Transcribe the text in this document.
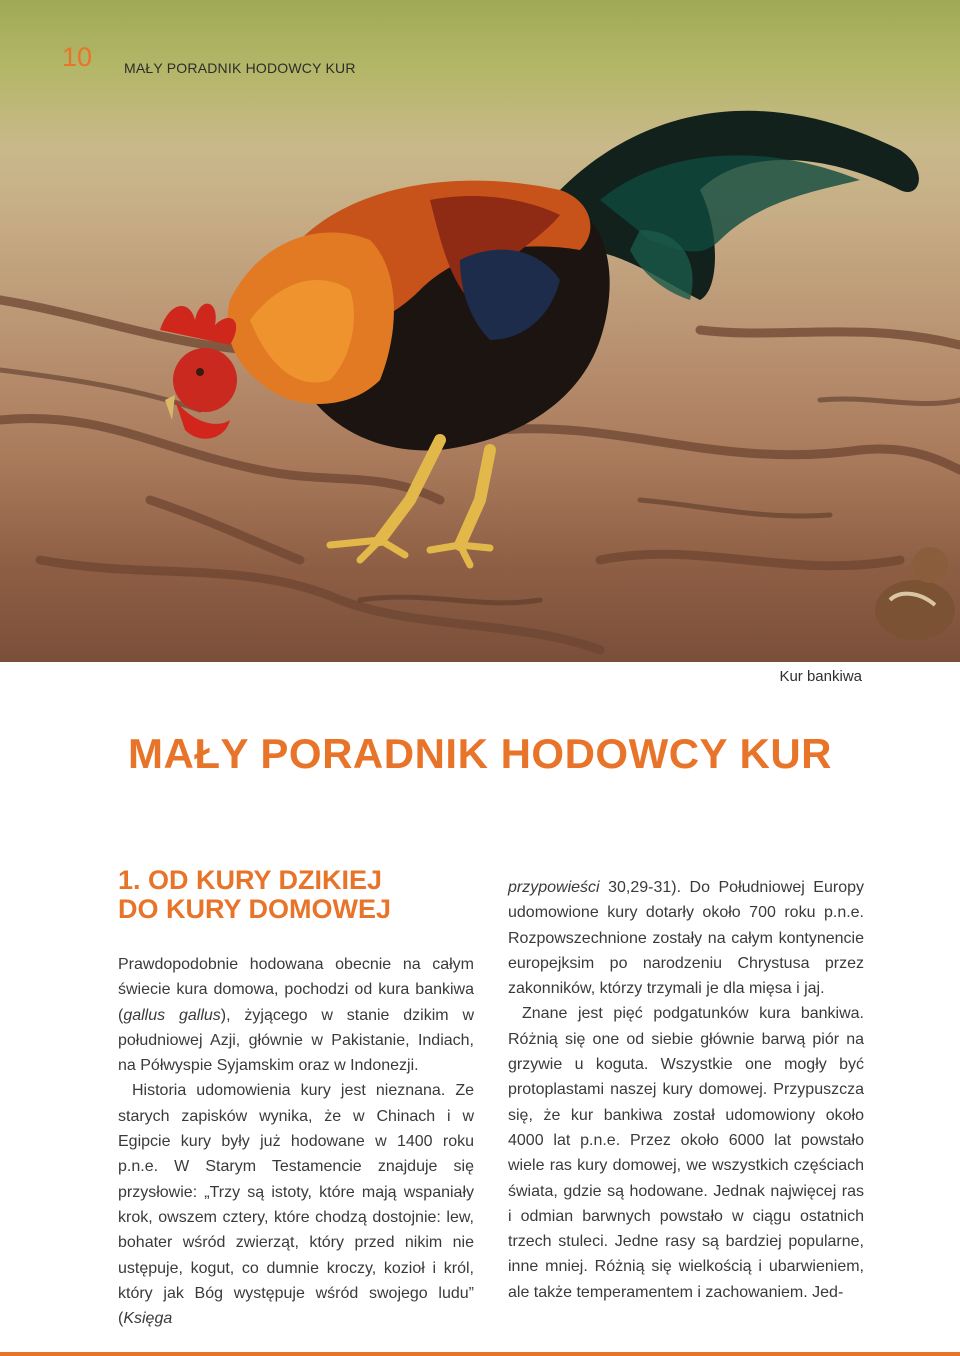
10 MAŁY PORADNIK HODOWCY KUR
Kur bankiwa
MAŁY PORADNIK HODOWCY KUR
1. OD KURY DZIKIEJ
DO KURY DOMOWEJ

Prawdopodobnie hodowana obecnie na całym świecie kura domowa, pochodzi od kura bankiwa (gallus gallus), żyjącego w stanie dzikim w południowej Azji, głównie w Pakistanie, Indiach, na Półwyspie Syjamskim oraz w Indonezji.

Historia udomowienia kury jest nieznana. Ze starych zapisków wynika, że w Chinach i w Egipcie kury były już hodowane w 1400 roku p.n.e. W Starym Testamencie znajduje się przysłowie: „Trzy są istoty, które mają wspaniały krok, owszem cztery, które chodzą dostojnie: lew, bohater wśród zwierząt, który przed nikim nie ustępuje, kogut, co dumnie kroczy, kozioł i król, który jak Bóg występuje wśród swojego ludu” (Księga

przypowieści 30,29-31). Do Południowej Europy udomowione kury dotarły około 700 roku p.n.e. Rozpowszechnione zostały na całym kontynencie europejksim po narodzeniu Chrystusa przez zakonników, którzy trzymali je dla mięsa i jaj.

Znane jest pięć podgatunków kura bankiwa. Różnią się one od siebie głównie barwą piór na grzywie u koguta. Wszystkie one mogły być protoplastami naszej kury domowej. Przypuszcza się, że kur bankiwa został udomowiony około 4000 lat p.n.e. Przez około 6000 lat powstało wiele ras kury domowej, we wszystkich częściach świata, gdzie są hodowane. Jednak najwięcej ras i odmian barwnych powstało w ciągu ostatnich trzech stuleci. Jedne rasy są bardziej popularne, inne mniej. Różnią się wielkością i ubarwieniem, ale także temperamentem i zachowaniem. Jed-
